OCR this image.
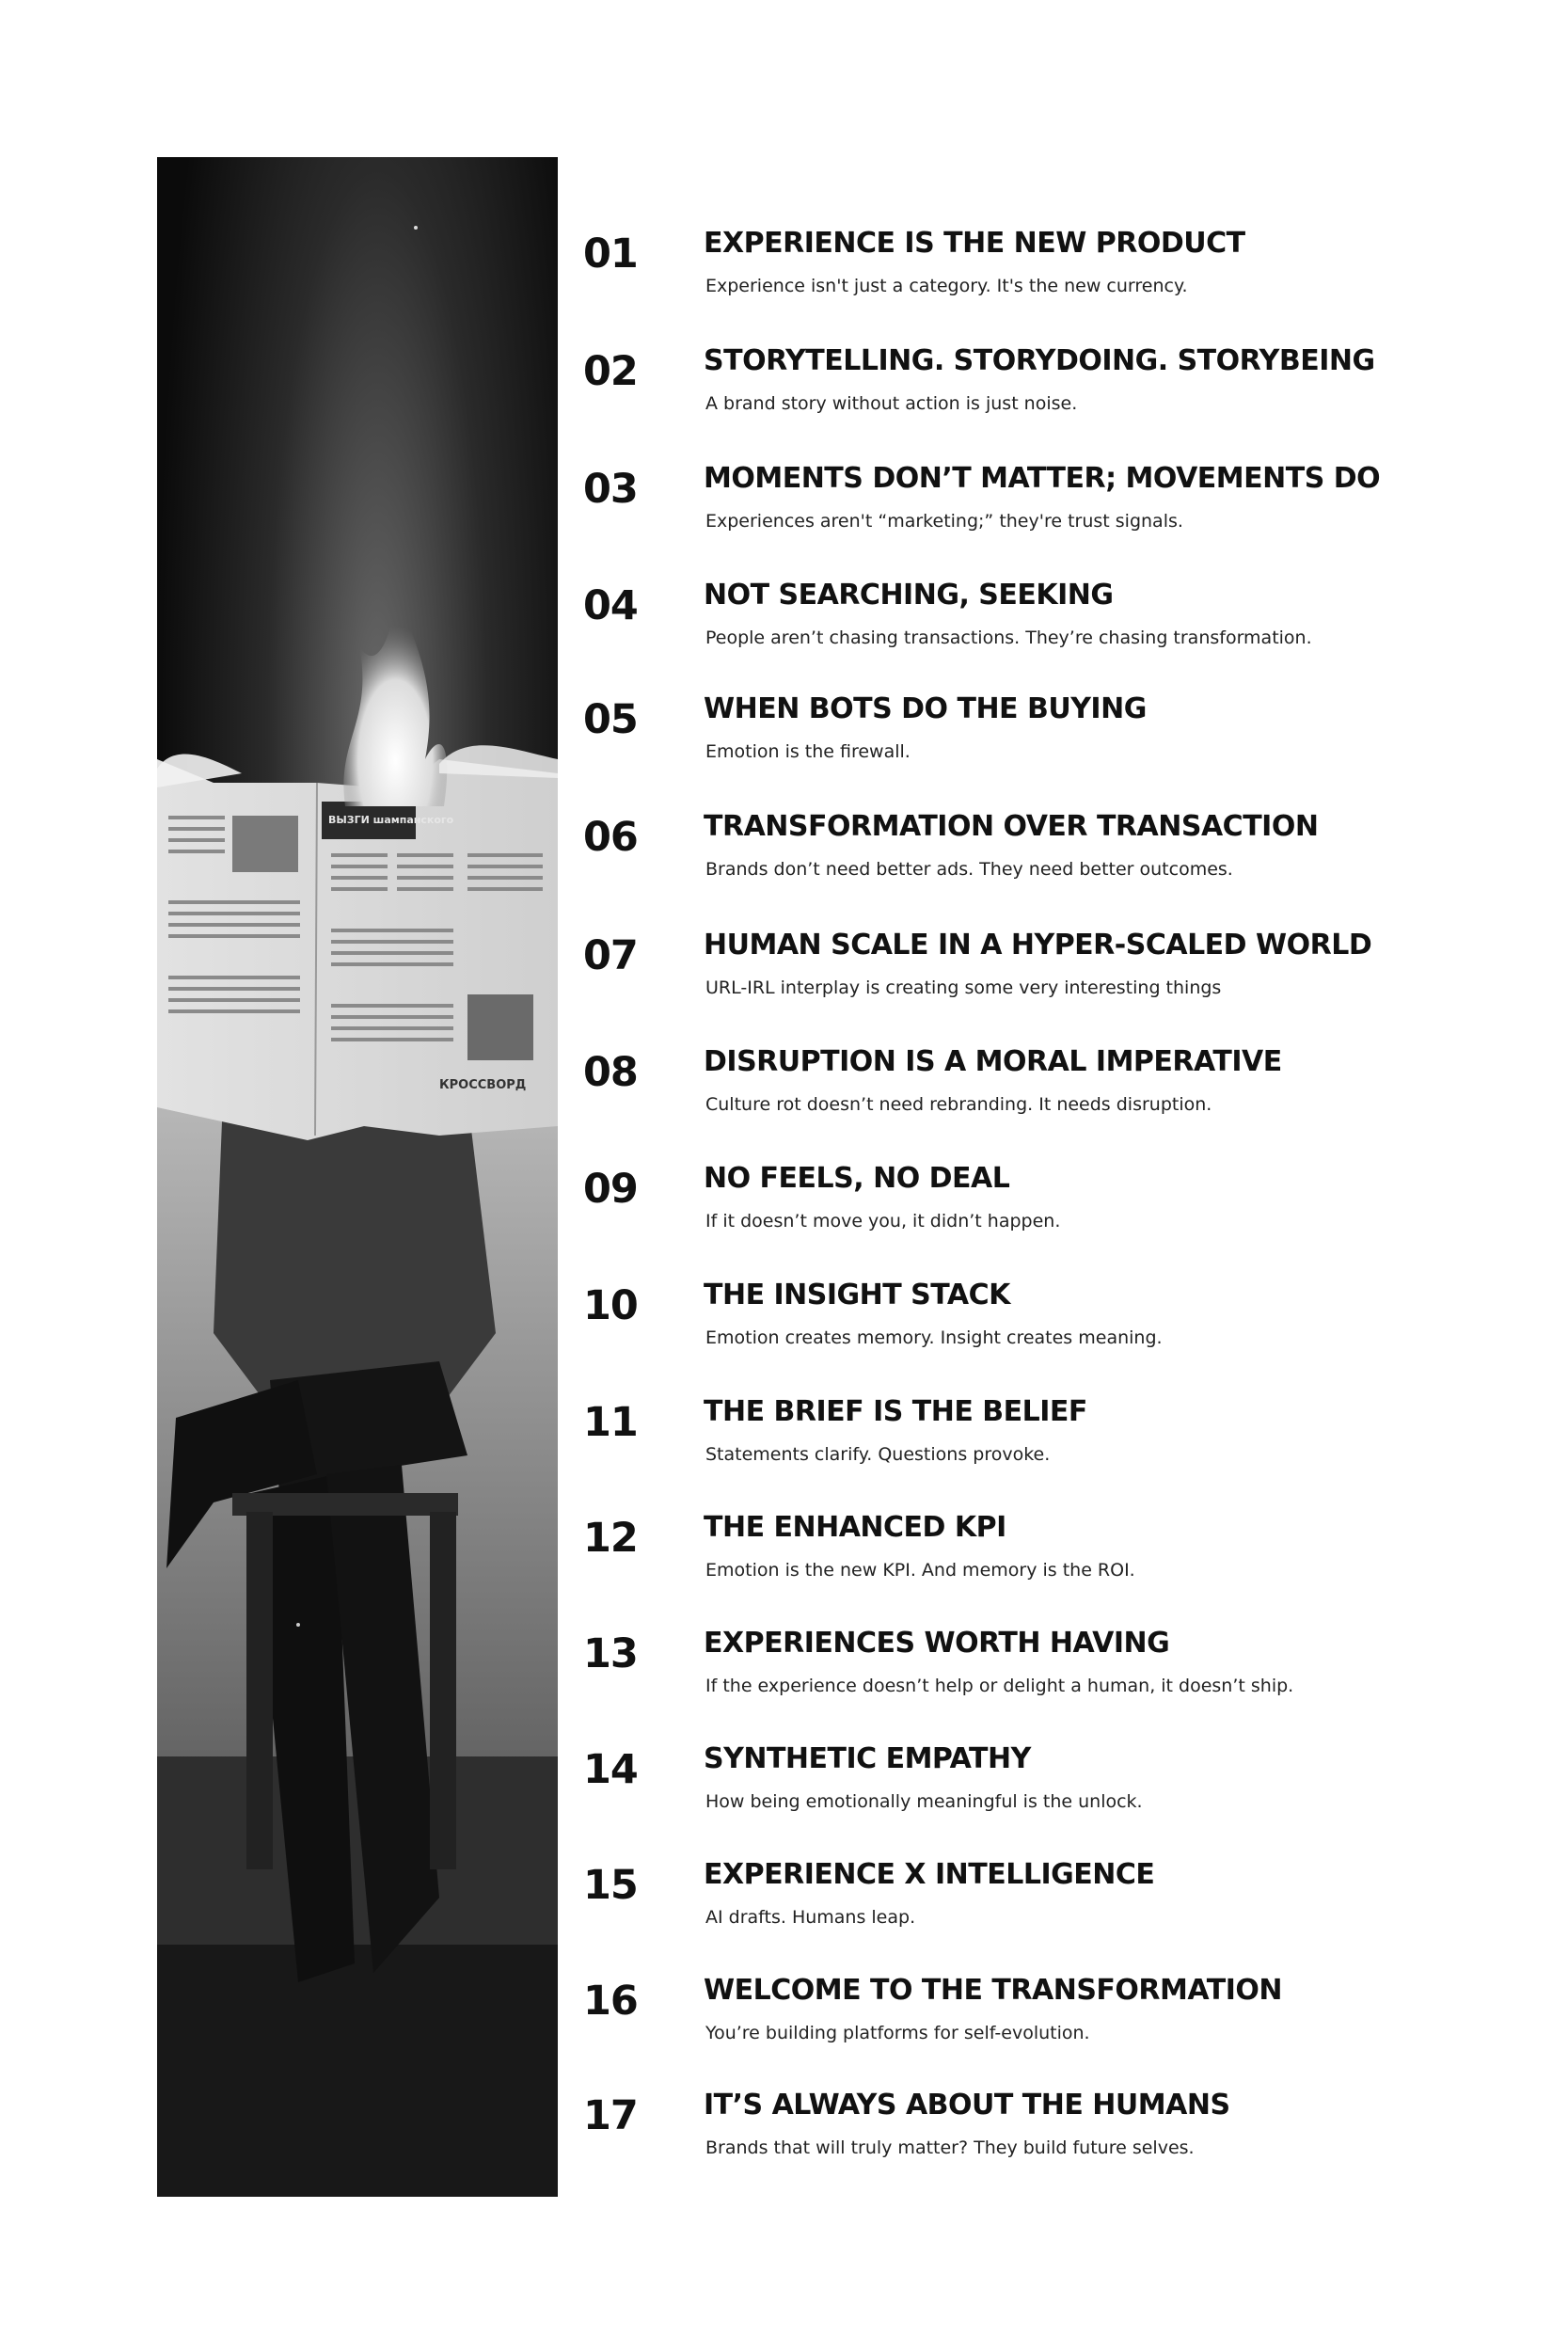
ВЫЗГИ шампанского
КРОССВОРД
01 EXPERIENCE IS THE NEW PRODUCT
Experience isn't just a category. It's the new currency.
02 STORYTELLING. STORYDOING. STORYBEING
A brand story without action is just noise.
03 MOMENTS DON’T MATTER; MOVEMENTS DO
Experiences aren't “marketing;” they're trust signals.
04 NOT SEARCHING, SEEKING
People aren’t chasing transactions. They’re chasing transformation.
05 WHEN BOTS DO THE BUYING
Emotion is the firewall.
06 TRANSFORMATION OVER TRANSACTION
Brands don’t need better ads. They need better outcomes.
07 HUMAN SCALE IN A HYPER-SCALED WORLD
URL-IRL interplay is creating some very interesting things
08 DISRUPTION IS A MORAL IMPERATIVE
Culture rot doesn’t need rebranding. It needs disruption.
09 NO FEELS, NO DEAL
If it doesn’t move you, it didn’t happen.
10 THE INSIGHT STACK
Emotion creates memory. Insight creates meaning.
11 THE BRIEF IS THE BELIEF
Statements clarify. Questions provoke.
12 THE ENHANCED KPI
Emotion is the new KPI. And memory is the ROI.
13 EXPERIENCES WORTH HAVING
If the experience doesn’t help or delight a human, it doesn’t ship.
14 SYNTHETIC EMPATHY
How being emotionally meaningful is the unlock.
15 EXPERIENCE X INTELLIGENCE
AI drafts. Humans leap.
16 WELCOME TO THE TRANSFORMATION
You’re building platforms for self-evolution.
17 IT’S ALWAYS ABOUT THE HUMANS
Brands that will truly matter? They build future selves.
